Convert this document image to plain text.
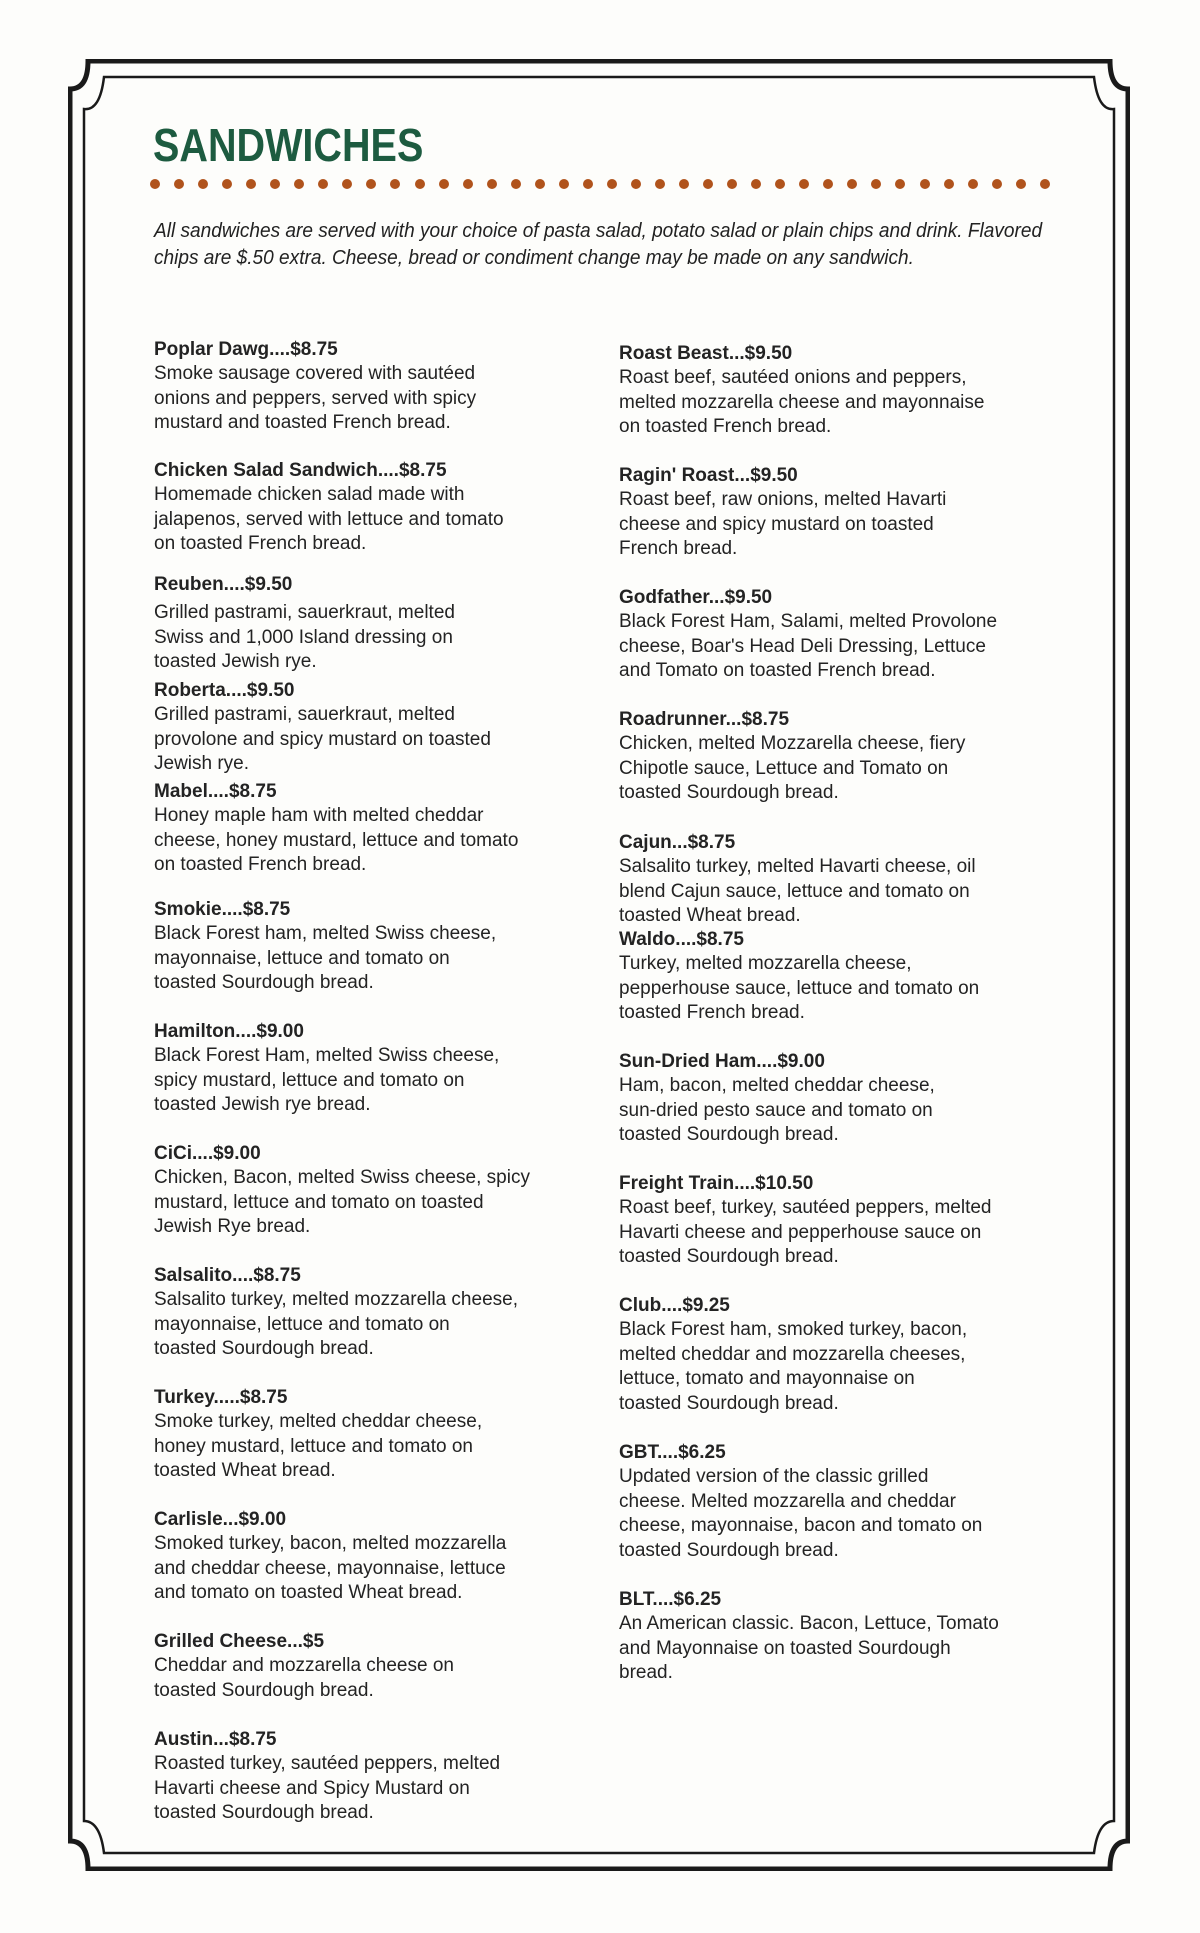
SANDWICHES
All sandwiches are served with your choice of pasta salad, potato salad or plain chips and drink. Flavored chips are $.50 extra. Cheese, bread or condiment change may be made on any sandwich.
Poplar Dawg....$8.75
Smoke sausage covered with sautéed
onions and peppers, served with spicy
mustard and toasted French bread.
Chicken Salad Sandwich....$8.75
Homemade chicken salad made with
jalapenos, served with lettuce and tomato
on toasted French bread.
Reuben....$9.50
Grilled pastrami, sauerkraut, melted
Swiss and 1,000 Island dressing on
toasted Jewish rye.
Roberta....$9.50
Grilled pastrami, sauerkraut, melted
provolone and spicy mustard on toasted
Jewish rye.
Mabel....$8.75
Honey maple ham with melted cheddar
cheese, honey mustard, lettuce and tomato
on toasted French bread.
Smokie....$8.75
Black Forest ham, melted Swiss cheese,
mayonnaise, lettuce and tomato on
toasted Sourdough bread.
Hamilton....$9.00
Black Forest Ham, melted Swiss cheese,
spicy mustard, lettuce and tomato on
toasted Jewish rye bread.
CiCi....$9.00
Chicken, Bacon, melted Swiss cheese, spicy
mustard, lettuce and tomato on toasted
Jewish Rye bread.
Salsalito....$8.75
Salsalito turkey, melted mozzarella cheese,
mayonnaise, lettuce and tomato on
toasted Sourdough bread.
Turkey.....$8.75
Smoke turkey, melted cheddar cheese,
honey mustard, lettuce and tomato on
toasted Wheat bread.
Carlisle...$9.00
Smoked turkey, bacon, melted mozzarella
and cheddar cheese, mayonnaise, lettuce
and tomato on toasted Wheat bread.
Grilled Cheese...$5
Cheddar and mozzarella cheese on
toasted Sourdough bread.
Austin...$8.75
Roasted turkey, sautéed peppers, melted
Havarti cheese and Spicy Mustard on
toasted Sourdough bread.
Roast Beast...$9.50
Roast beef, sautéed onions and peppers,
melted mozzarella cheese and mayonnaise
on toasted French bread.
Ragin' Roast...$9.50
Roast beef, raw onions, melted Havarti
cheese and spicy mustard on toasted
French bread.
Godfather...$9.50
Black Forest Ham, Salami, melted Provolone
cheese, Boar's Head Deli Dressing, Lettuce
and Tomato on toasted French bread.
Roadrunner...$8.75
Chicken, melted Mozzarella cheese, fiery
Chipotle sauce, Lettuce and Tomato on
toasted Sourdough bread.
Cajun...$8.75
Salsalito turkey, melted Havarti cheese, oil
blend Cajun sauce, lettuce and tomato on
toasted Wheat bread.
Waldo....$8.75
Turkey, melted mozzarella cheese,
pepperhouse sauce, lettuce and tomato on
toasted French bread.
Sun-Dried Ham....$9.00
Ham, bacon, melted cheddar cheese,
sun-dried pesto sauce and tomato on
toasted Sourdough bread.
Freight Train....$10.50
Roast beef, turkey, sautéed peppers, melted
Havarti cheese and pepperhouse sauce on
toasted Sourdough bread.
Club....$9.25
Black Forest ham, smoked turkey, bacon,
melted cheddar and mozzarella cheeses,
lettuce, tomato and mayonnaise on
toasted Sourdough bread.
GBT....$6.25
Updated version of the classic grilled
cheese. Melted mozzarella and cheddar
cheese, mayonnaise, bacon and tomato on
toasted Sourdough bread.
BLT....$6.25
An American classic. Bacon, Lettuce, Tomato
and Mayonnaise on toasted Sourdough
bread.
